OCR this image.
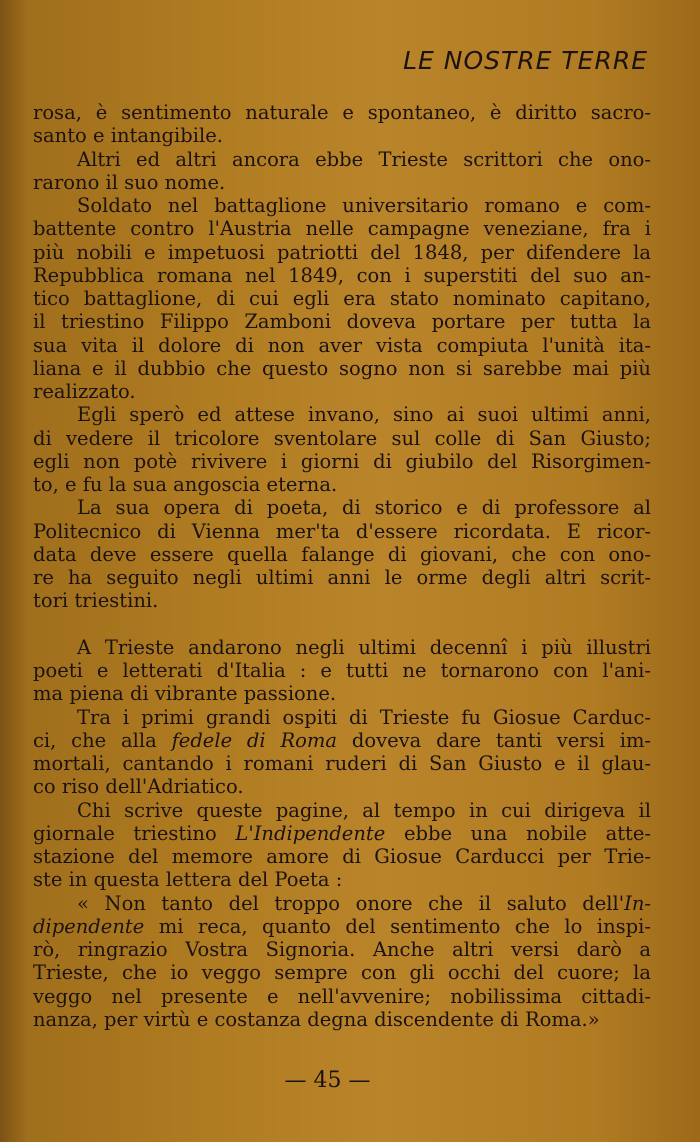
LE NOSTRE TERRE
rosa, è sentimento naturale e spontaneo, è diritto sacro-
santo e intangibile.
Altri ed altri ancora ebbe Trieste scrittori che ono-
rarono il suo nome.
Soldato nel battaglione universitario romano e com-
battente contro l'Austria nelle campagne veneziane, fra i
più nobili e impetuosi patriotti del 1848, per difendere la
Repubblica romana nel 1849, con i superstiti del suo an-
tico battaglione, di cui egli era stato nominato capitano,
il triestino Filippo Zamboni doveva portare per tutta la
sua vita il dolore di non aver vista compiuta l'unità ita-
liana e il dubbio che questo sogno non si sarebbe mai più
realizzato.
Egli sperò ed attese invano, sino ai suoi ultimi anni,
di vedere il tricolore sventolare sul colle di San Giusto;
egli non potè rivivere i giorni di giubilo del Risorgimen-
to, e fu la sua angoscia eterna.
La sua opera di poeta, di storico e di professore al
Politecnico di Vienna mer'ta d'essere ricordata. E ricor-
data deve essere quella falange di giovani, che con ono-
re ha seguito negli ultimi anni le orme degli altri scrit-
tori triestini.
A Trieste andarono negli ultimi decennî i più illustri
poeti e letterati d'Italia : e tutti ne tornarono con l'ani-
ma piena di vibrante passione.
Tra i primi grandi ospiti di Trieste fu Giosue Carduc-
ci, che alla fedele di Roma doveva dare tanti versi im-
mortali, cantando i romani ruderi di San Giusto e il glau-
co riso dell'Adriatico.
Chi scrive queste pagine, al tempo in cui dirigeva il
giornale triestino L'Indipendente ebbe una nobile atte-
stazione del memore amore di Giosue Carducci per Trie-
ste in questa lettera del Poeta :
« Non tanto del troppo onore che il saluto dell'In-
dipendente mi reca, quanto del sentimento che lo inspi-
rò, ringrazio Vostra Signoria. Anche altri versi darò a
Trieste, che io veggo sempre con gli occhi del cuore; la
veggo nel presente e nell'avvenire; nobilissima cittadi-
nanza, per virtù e costanza degna discendente di Roma.»
— 45 —
